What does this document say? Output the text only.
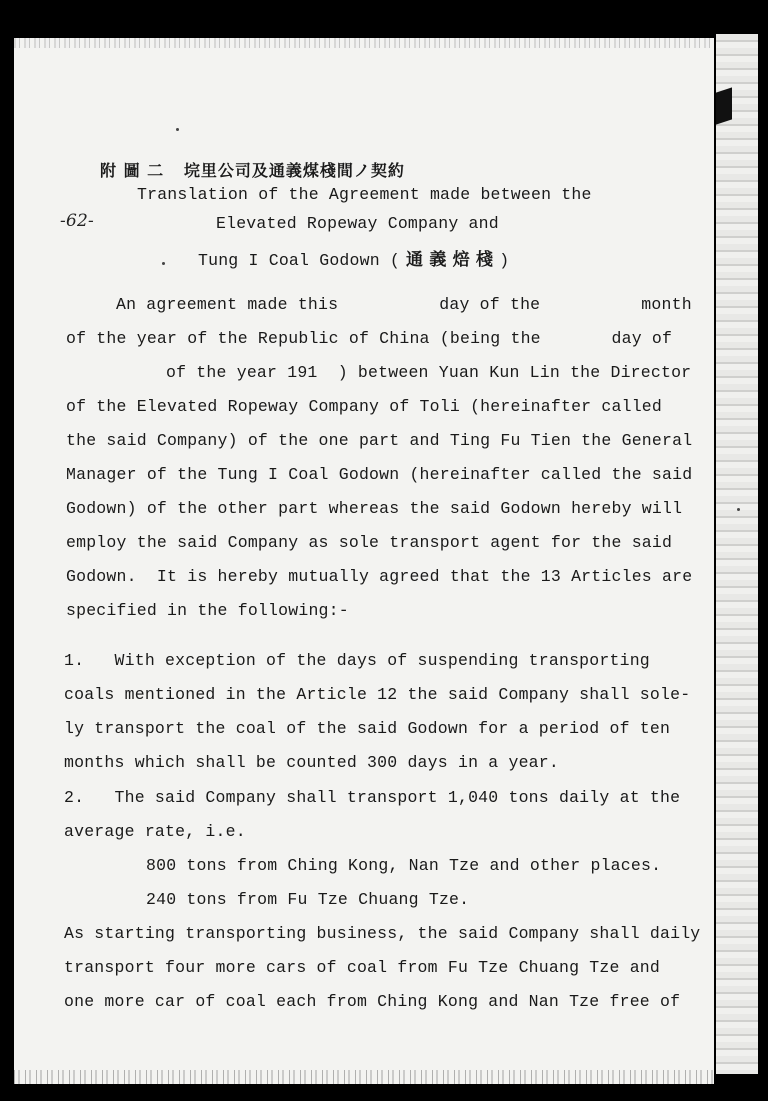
附 圖 二   垸里公司及通義煤棧間ノ契約
-62-
Translation of the Agreement made between the
Elevated Ropeway Company and
Tung I Coal Godown ( 通 義 焙 棧 )
An agreement made this          day of the          month
of the year of the Republic of China (being the       day of
of the year 191  ) between Yuan Kun Lin the Director
of the Elevated Ropeway Company of Toli (hereinafter called
the said Company) of the one part and Ting Fu Tien the General
Manager of the Tung I Coal Godown (hereinafter called the said
Godown) of the other part whereas the said Godown hereby will
employ the said Company as sole transport agent for the said
Godown.  It is hereby mutually agreed that the 13 Articles are
specified in the following:-
1.   With exception of the days of suspending transporting
coals mentioned in the Article 12 the said Company shall sole-
ly transport the coal of the said Godown for a period of ten
months which shall be counted 300 days in a year.
2.   The said Company shall transport 1,040 tons daily at the
average rate, i.e.
800 tons from Ching Kong, Nan Tze and other places.
240 tons from Fu Tze Chuang Tze.
As starting transporting business, the said Company shall daily
transport four more cars of coal from Fu Tze Chuang Tze and
one more car of coal each from Ching Kong and Nan Tze free of
